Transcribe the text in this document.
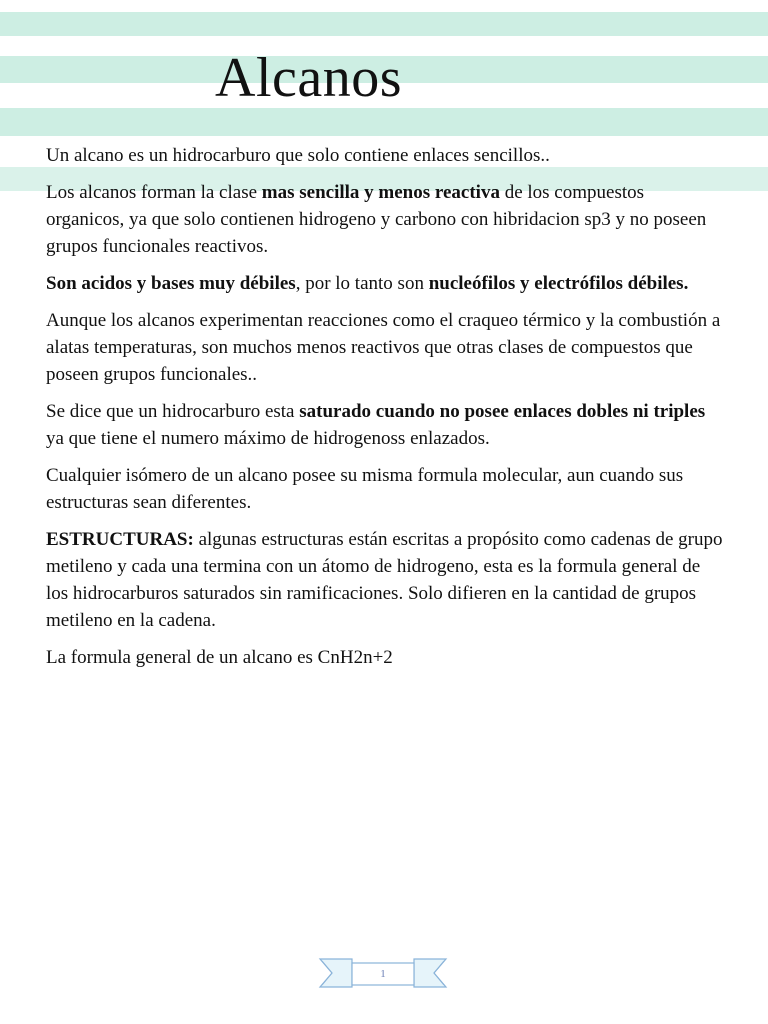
Alcanos

Un alcano es un hidrocarburo que solo contiene enlaces sencillos..

Los alcanos forman la clase mas sencilla y menos reactiva de los compuestos organicos, ya que solo contienen hidrogeno y carbono con hibridacion sp3 y no poseen grupos funcionales reactivos.

Son acidos y bases muy débiles, por lo tanto son nucleófilos y electrófilos débiles.

Aunque los alcanos experimentan reacciones como el craqueo térmico y la combustión a alatas temperaturas, son muchos menos reactivos que otras clases de compuestos que poseen grupos funcionales..

Se dice que un hidrocarburo esta saturado cuando no posee enlaces dobles ni triples ya que tiene el numero máximo de hidrogenoss enlazados.

Cualquier isómero de un alcano posee su misma formula molecular, aun cuando sus estructuras sean diferentes.

ESTRUCTURAS: algunas estructuras están escritas a propósito como cadenas de grupo metileno y cada una termina con un átomo de hidrogeno, esta es la formula general de los hidrocarburos saturados sin ramificaciones. Solo difieren en la cantidad de grupos metileno en la cadena.

La formula general de un alcano es CnH2n+2

1
